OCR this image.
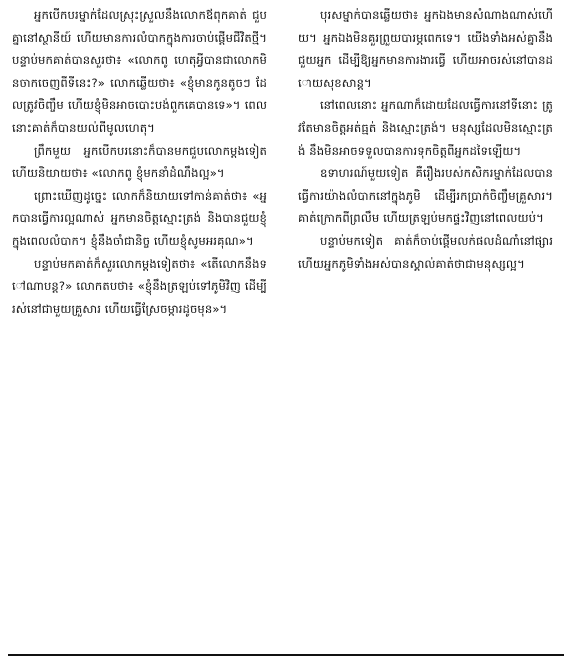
អ្នកបើកបរម្នាក់ដែលស្រុះស្រួលនឹងលោកឪពុកគាត់ ជួបគ្នានៅស្ថានីយ៍ ហើយមានការលំបាកក្នុងការចាប់ផ្តើមជីវិតថ្មី។ បន្ទាប់មកគាត់បានសួរថា៖ «លោកពូ ហេតុអ្វីបានជាលោកមិនចាកចេញពីទីនេះ?» លោកឆ្លើយថា៖ «ខ្ញុំមានកូនតូចៗ ដែលត្រូវចិញ្ចឹម ហើយខ្ញុំមិនអាចបោះបង់ពួកគេបានទេ»។ ពេលនោះគាត់ក៏បានយល់ពីមូលហេតុ។

ព្រឹកមួយ អ្នកបើកបរនោះក៏បានមកជួបលោកម្តងទៀត ហើយនិយាយថា៖ «លោកពូ ខ្ញុំមកនាំដំណឹងល្អ»។

ព្រោះឃើញដូច្នេះ លោកក៏និយាយទៅកាន់គាត់ថា៖ «អ្នកបានធ្វើការល្អណាស់ អ្នកមានចិត្តស្មោះត្រង់ និងបានជួយខ្ញុំក្នុងពេលលំបាក។ ខ្ញុំនឹងចាំជានិច្ច ហើយខ្ញុំសូមអរគុណ»។

បន្ទាប់មកគាត់ក៏សួរលោកម្តងទៀតថា៖ «តើលោកនឹងទៅណាបន្ត?» លោកតបថា៖ «ខ្ញុំនឹងត្រឡប់ទៅភូមិវិញ ដើម្បីរស់នៅជាមួយគ្រួសារ ហើយធ្វើស្រែចម្ការដូចមុន»។

បុរសម្នាក់បានឆ្លើយថា៖ អ្នកឯងមានសំណាងណាស់ហើយ។ អ្នកឯងមិនគួរព្រួយបារម្ភពេកទេ។ យើងទាំងអស់គ្នានឹងជួយអ្នក ដើម្បីឱ្យអ្នកមានការងារធ្វើ ហើយអាចរស់នៅបានដោយសុខសាន្ត។

នៅពេលនោះ អ្នកណាក៏ដោយដែលធ្វើការនៅទីនោះ ត្រូវតែមានចិត្តអត់ធ្មត់ និងស្មោះត្រង់។ មនុស្សដែលមិនស្មោះត្រង់ នឹងមិនអាចទទួលបានការទុកចិត្តពីអ្នកដទៃឡើយ។

ឧទាហរណ៍មួយទៀត គឺរឿងរបស់កសិករម្នាក់ដែលបានធ្វើការយ៉ាងលំបាកនៅក្នុងភូមិ ដើម្បីរកប្រាក់ចិញ្ចឹមគ្រួសារ។ គាត់ក្រោកពីព្រលឹម ហើយត្រឡប់មកផ្ទះវិញនៅពេលយប់។

បន្ទាប់មកទៀត គាត់ក៏ចាប់ផ្តើមលក់ផលដំណាំនៅផ្សារ ហើយអ្នកភូមិទាំងអស់បានស្គាល់គាត់ថាជាមនុស្សល្អ។
